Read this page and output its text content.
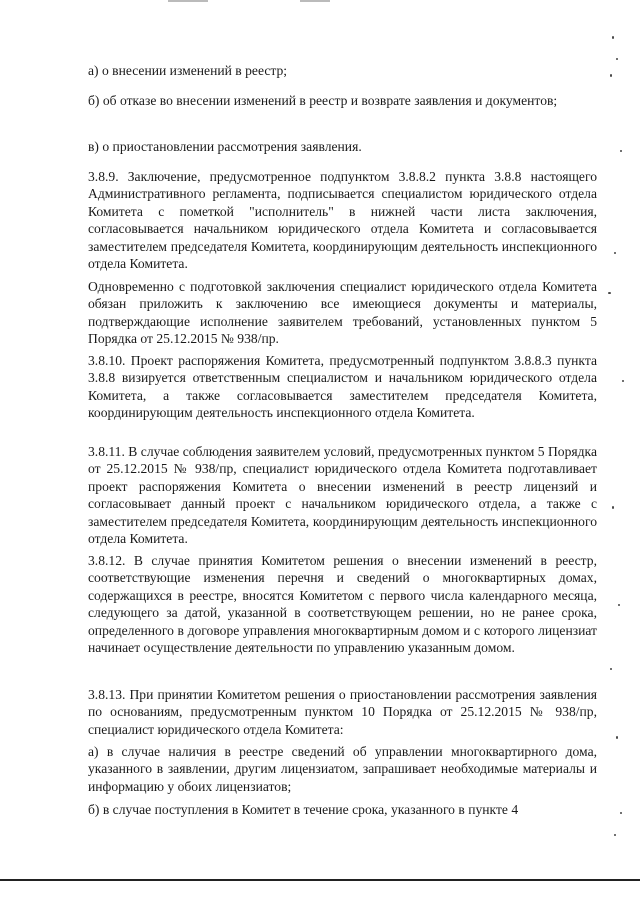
а) о внесении изменений в реестр;

б) об отказе во внесении изменений в реестр и возврате заявления и документов;

в) о приостановлении рассмотрения заявления.

3.8.9. Заключение, предусмотренное подпунктом 3.8.8.2 пункта 3.8.8 настоящего Административного регламента, подписывается специалистом юридического отдела Комитета с пометкой "исполнитель" в нижней части листа заключения, согласовывается начальником юридического отдела Комитета и согласовывается заместителем председателя Комитета, координирующим деятельность инспекционного отдела Комитета.

Одновременно с подготовкой заключения специалист юридического отдела Комитета обязан приложить к заключению все имеющиеся документы и материалы, подтверждающие исполнение заявителем требований, установленных пунктом 5 Порядка от 25.12.2015 № 938/пр.

3.8.10. Проект распоряжения Комитета, предусмотренный подпунктом 3.8.8.3 пункта 3.8.8 визируется ответственным специалистом и начальником юридического отдела Комитета, а также согласовывается заместителем председателя Комитета, координирующим деятельность инспекционного отдела Комитета.

3.8.11. В случае соблюдения заявителем условий, предусмотренных пунктом 5 Порядка от 25.12.2015 № 938/пр, специалист юридического отдела Комитета подготавливает проект распоряжения Комитета о внесении изменений в реестр лицензий и согласовывает данный проект с начальником юридического отдела, а также с заместителем председателя Комитета, координирующим деятельность инспекционного отдела Комитета.

3.8.12. В случае принятия Комитетом решения о внесении изменений в реестр, соответствующие изменения перечня и сведений о многоквартирных домах, содержащихся в реестре, вносятся Комитетом с первого числа календарного месяца, следующего за датой, указанной в соответствующем решении, но не ранее срока, определенного в договоре управления многоквартирным домом и с которого лицензиат начинает осуществление деятельности по управлению указанным домом.

3.8.13. При принятии Комитетом решения о приостановлении рассмотрения заявления по основаниям, предусмотренным пунктом 10 Порядка от 25.12.2015 № 938/пр, специалист юридического отдела Комитета:

а) в случае наличия в реестре сведений об управлении многоквартирного дома, указанного в заявлении, другим лицензиатом, запрашивает необходимые материалы и информацию у обоих лицензиатов;

б) в случае поступления в Комитет в течение срока, указанного в пункте 4
